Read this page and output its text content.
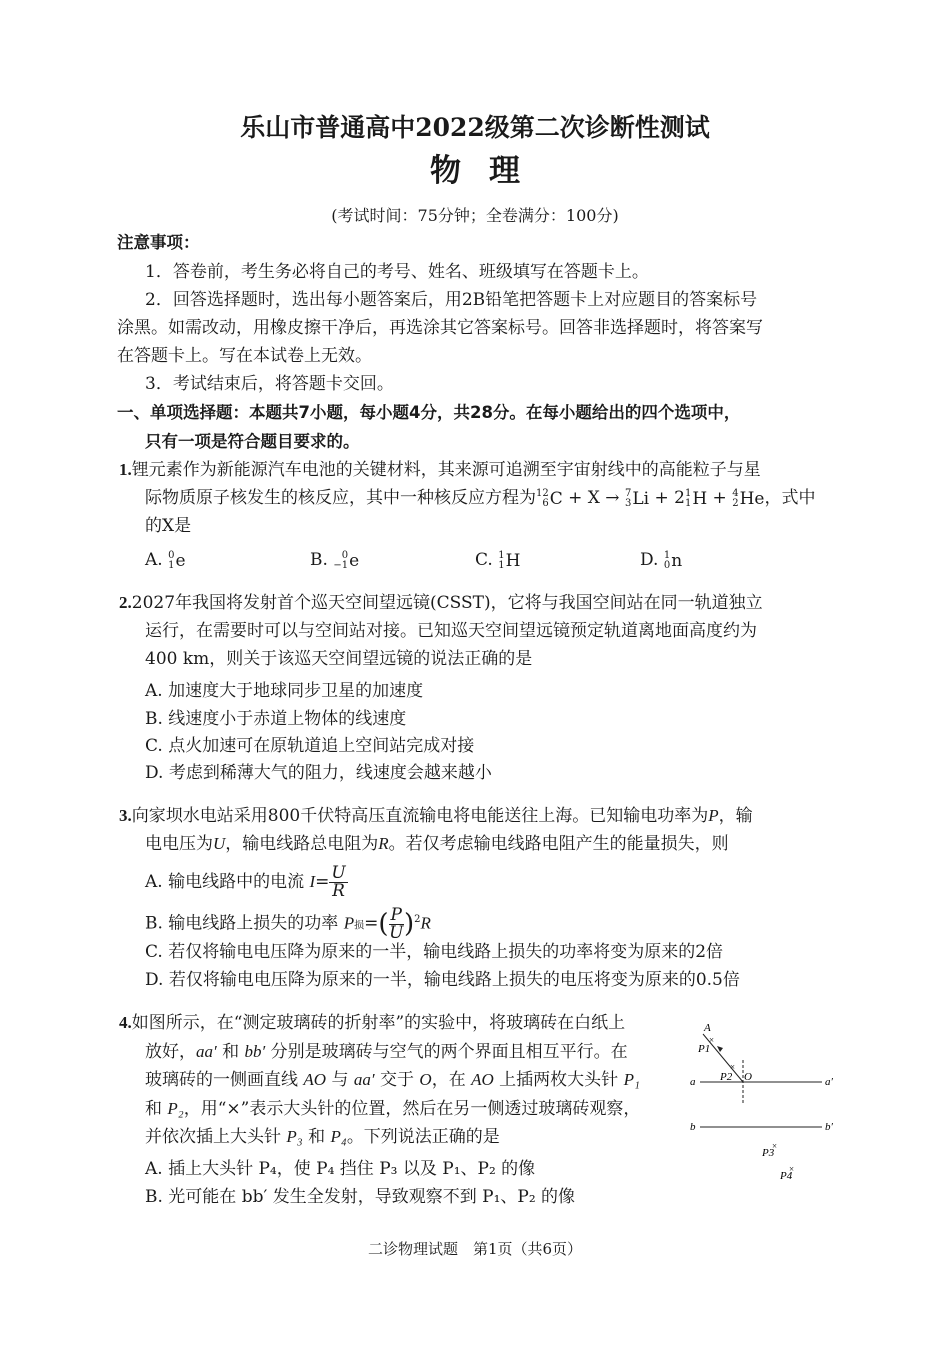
乐山市普通高中2022级第二次诊断性测试
物理
(考试时间：75分钟；全卷满分：100分)
注意事项：
1．答卷前，考生务必将自己的考号、姓名、班级填写在答题卡上。
2．回答选择题时，选出每小题答案后，用2B铅笔把答题卡上对应题目的答案标号
涂黑。如需改动，用橡皮擦干净后，再选涂其它答案标号。回答非选择题时，将答案写
在答题卡上。写在本试卷上无效。
3．考试结束后，将答题卡交回。
一、单项选择题：本题共7小题，每小题4分，共28分。在每小题给出的四个选项中，
只有一项是符合题目要求的。
1.锂元素作为新能源汽车电池的关键材料，其来源可追溯至宇宙射线中的高能粒子与星
际物质原子核发生的核反应，其中一种核反应方程为 12
6 C + X → 7
3 Li + 2 1
1 H + 4
2 He ，式中
的X是
A. 0
1 e	B.	0
−1 e	C. 1
1 H	D. 1
0 n
2.2027年我国将发射首个巡天空间望远镜(CSST)，它将与我国空间站在同一轨道独立
运行，在需要时可以与空间站对接。已知巡天空间望远镜预定轨道离地面高度约为
400 km，则关于该巡天空间望远镜的说法正确的是
A. 加速度大于地球同步卫星的加速度
B. 线速度小于赤道上物体的线速度
C. 点火加速可在原轨道追上空间站完成对接
D. 考虑到稀薄大气的阻力，线速度会越来越小
3.向家坝水电站采用800千伏特高压直流输电将电能送往上海。已知输电功率为P，输
电电压为U，输电线路总电阻为R。若仅考虑输电线路电阻产生的能量损失，则
A. 输电线路中的电流 $I= \frac{U}{R}$
B. 输电线路上损失的功率 P损=( $\frac{P}{U} )^2R$
C. 若仅将输电电压降为原来的一半，输电线路上损失的功率将变为原来的2倍
D. 若仅将输电电压降为原来的一半，输电线路上损失的电压将变为原来的0.5倍
4.如图所示，在“测定玻璃砖的折射率”的实验中，将玻璃砖在白纸上
放好，aa′ 和 bb′ 分别是玻璃砖与空气的两个界面且相互平行。在
玻璃砖的一侧画直线 AO 与 aa′ 交于 O，在 AO 上插两枚大头针 P₁
和 P₂，用“×”表示大头针的位置，然后在另一侧透过玻璃砖观察，
并依次插上大头针 P₃ 和 P₄。下列说法正确的是
A. 插上大头针 P₄，使 P₄ 挡住 P₃ 以及 P₁、P₂ 的像
B. 光可能在 bb′ 发生全发射，导致观察不到 P₁、P₂ 的像
A
P1
P2 O
a	a′
b	b′
P3
P4
×
×
×
×
二诊物理试题　第1页（共6页）
